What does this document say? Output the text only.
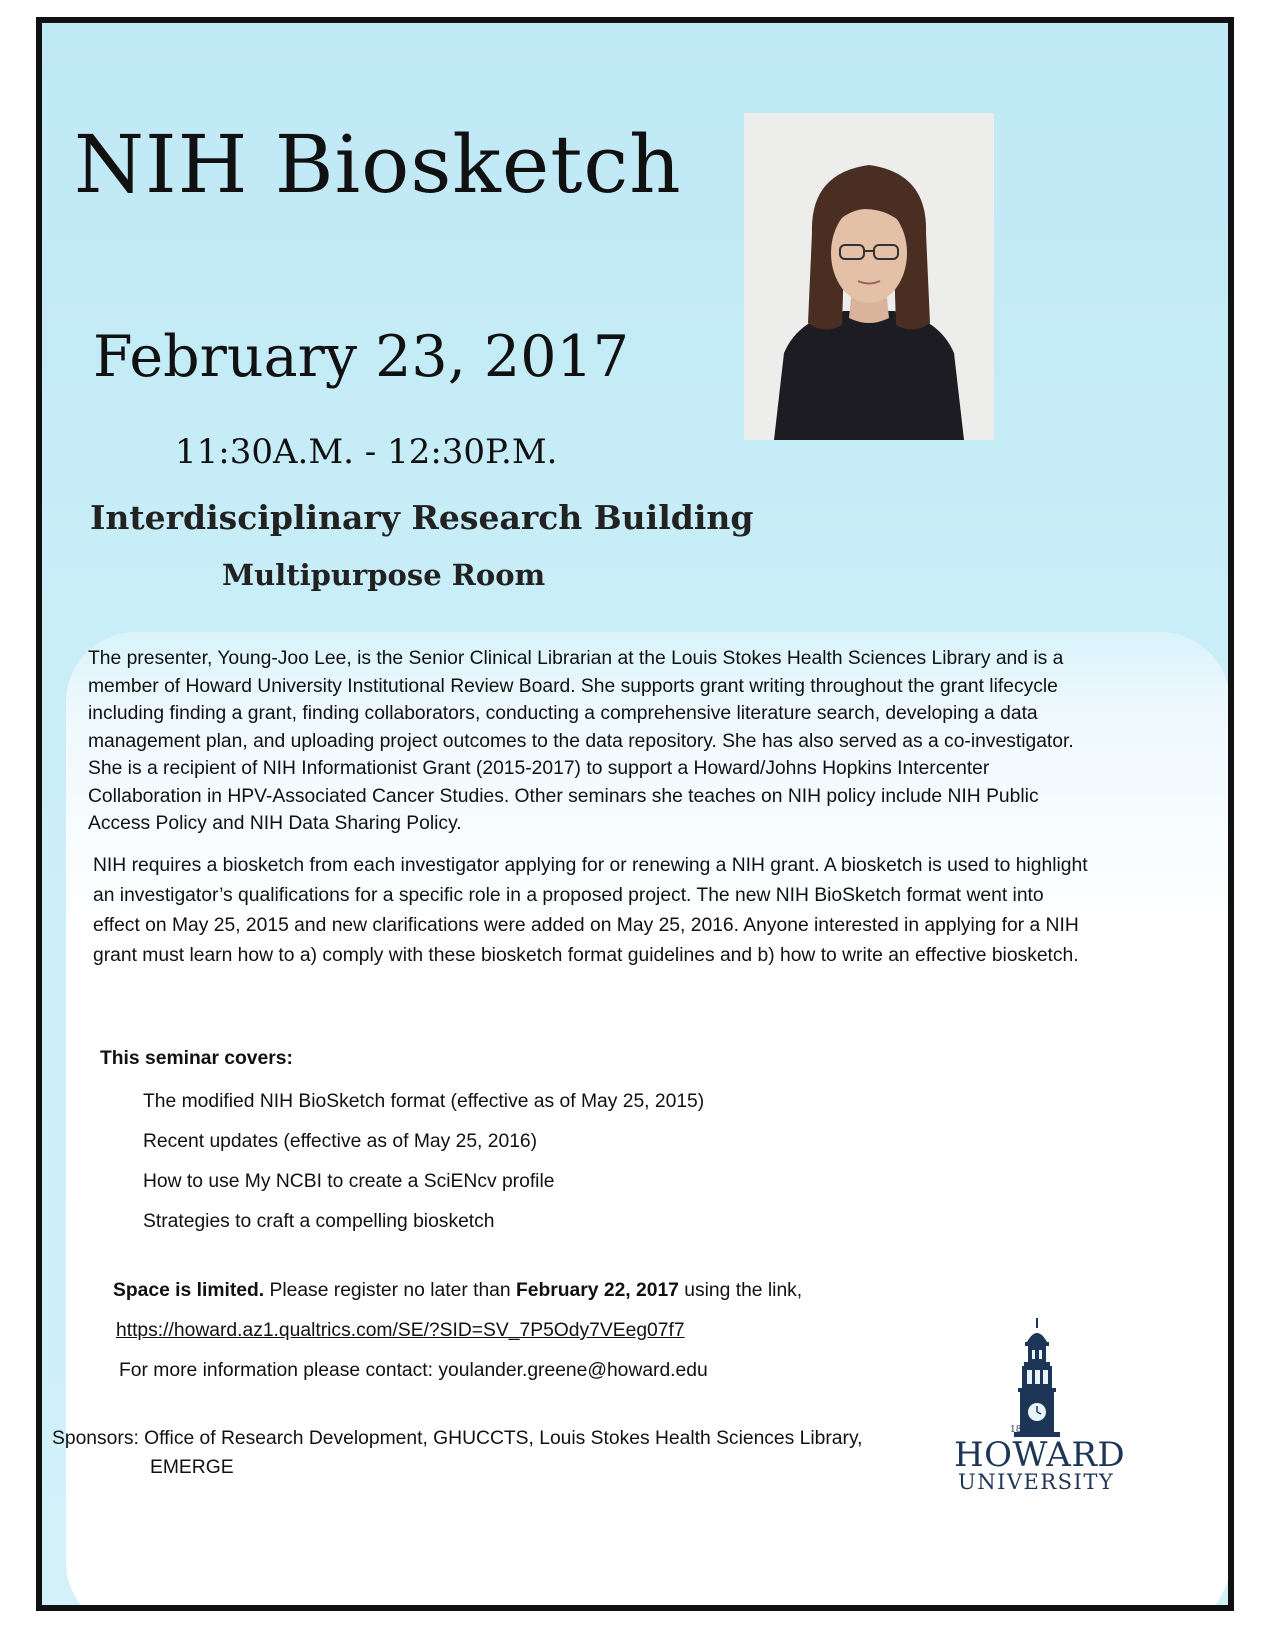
NIH Biosketch
February 23, 2017

11:30A.M. - 12:30P.M.

Interdisciplinary Research Building

Multipurpose Room

The presenter, Young-Joo Lee, is the Senior Clinical Librarian at the Louis Stokes Health Sciences Library and is a member of Howard University Institutional Review Board. She supports grant writing throughout the grant lifecycle including finding a grant, finding collaborators, conducting a comprehensive literature search, developing a data management plan, and uploading project outcomes to the data repository. She has also served as a co-investigator. She is a recipient of NIH Informationist Grant (2015-2017) to support a Howard/Johns Hopkins Intercenter Collaboration in HPV-Associated Cancer Studies. Other seminars she teaches on NIH policy include NIH Public Access Policy and NIH Data Sharing Policy.

NIH requires a biosketch from each investigator applying for or renewing a NIH grant. A biosketch is used to highlight an investigator’s qualifications for a specific role in a proposed project. The new NIH BioSketch format went into effect on May 25, 2015 and new clarifications were added on May 25, 2016. Anyone interested in applying for a NIH grant must learn how to a) comply with these biosketch format guidelines and b) how to write an effective biosketch.

This seminar covers:

The modified NIH BioSketch format (effective as of May 25, 2015)
Recent updates (effective as of May 25, 2016)
How to use My NCBI to create a SciENcv profile
Strategies to craft a compelling biosketch

Space is limited. Please register no later than February 22, 2017 using the link,

https://howard.az1.qualtrics.com/SE/?SID=SV_7P5Ody7VEeg07f7

For more information please contact: youlander.greene@howard.edu

Sponsors: Office of Research Development, GHUCCTS, Louis Stokes Health Sciences Library,
EMERGE

1867

HOWARD

UNIVERSITY
